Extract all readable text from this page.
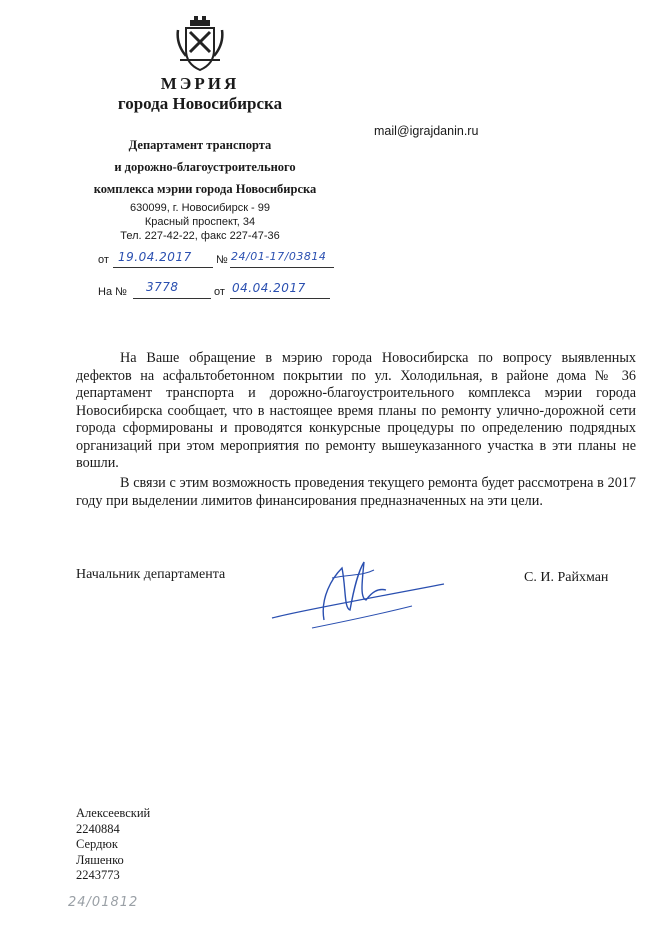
МЭРИЯ
города Новосибирска
Департамент транспорта
и дорожно-благоустроительного
комплекса мэрии города Новосибирска
630099, г. Новосибирск - 99
Красный проспект, 34
Тел. 227-42-22, факс 227-47-36
mail@igrajdanin.ru
от 19.04.2017 № 24/01-17/03814
На № 3778	от 04.04.2017
На Ваше обращение в мэрию города Новосибирска по вопросу выявленных дефектов на асфальтобетонном покрытии по ул. Холодильная, в районе дома № 36 департамент транспорта и дорожно-благоустроительного комплекса мэрии города Новосибирска сообщает, что в настоящее время планы по ремонту улично-дорожной сети города сформированы и проводятся конкурсные процедуры по определению подрядных организаций при этом мероприятия по ремонту вышеуказанного участка в эти планы не вошли.
В связи с этим возможность проведения текущего ремонта будет рассмотрена в 2017 году при выделении лимитов финансирования предназначенных на эти цели.
Начальник департамента	С. И. Райхман
Алексеевский
2240884
Сердюк
Ляшенко
2243773
24/01812
